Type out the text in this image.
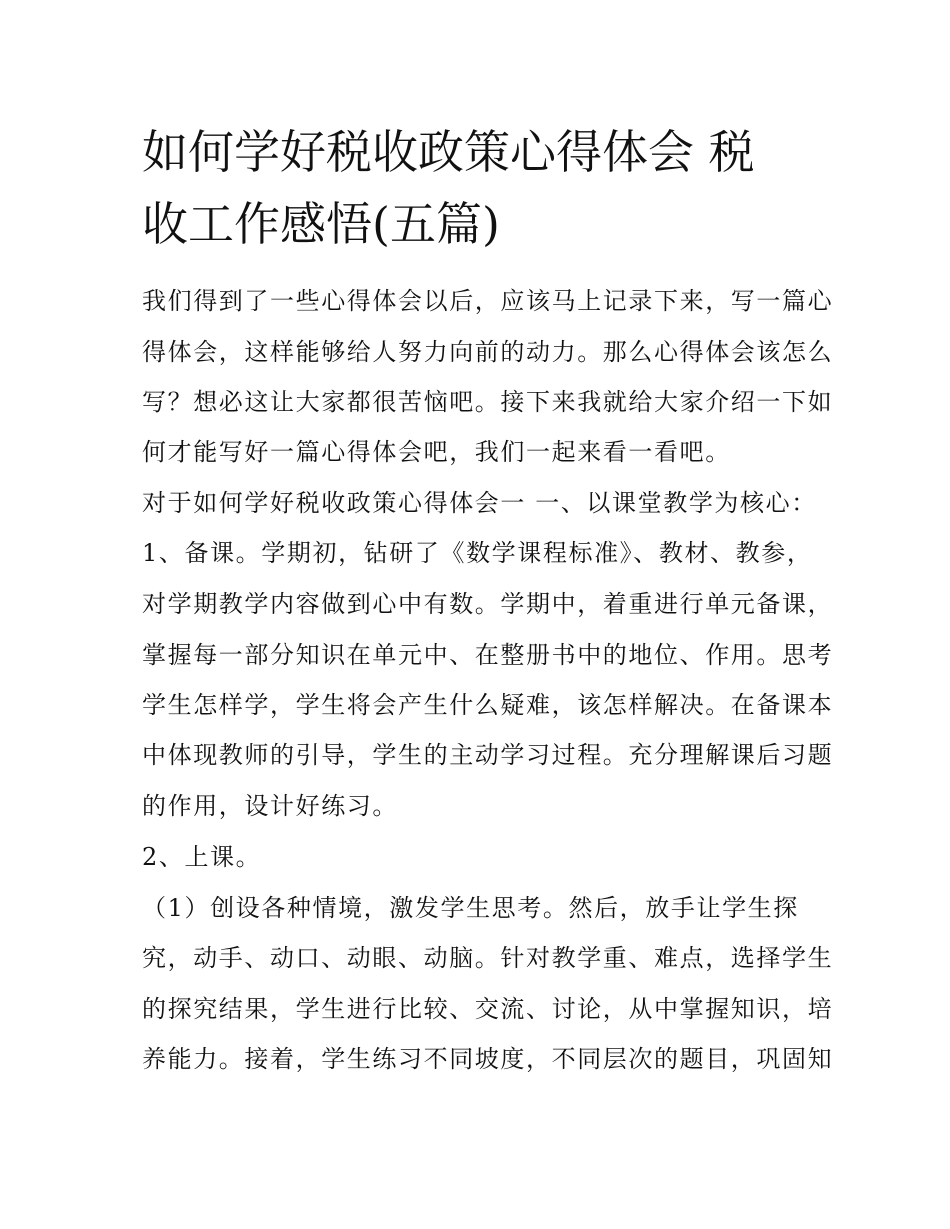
如何学好税收政策心得体会 税
收工作感悟(五篇)
我们得到了一些心得体会以后，应该马上记录下来，写一篇心
得体会，这样能够给人努力向前的动力。那么心得体会该怎么
写？想必这让大家都很苦恼吧。接下来我就给大家介绍一下如
何才能写好一篇心得体会吧，我们一起来看一看吧。
对于如何学好税收政策心得体会一 一、以课堂教学为核心：
1、备课。学期初，钻研了《数学课程标准》、教材、教参，
对学期教学内容做到心中有数。学期中，着重进行单元备课，
掌握每一部分知识在单元中、在整册书中的地位、作用。思考
学生怎样学，学生将会产生什么疑难，该怎样解决。在备课本
中体现教师的引导，学生的主动学习过程。充分理解课后习题
的作用，设计好练习。
2、上课。
（1）创设各种情境，激发学生思考。然后，放手让学生探
究，动手、动口、动眼、动脑。针对教学重、难点，选择学生
的探究结果，学生进行比较、交流、讨论，从中掌握知识，培
养能力。接着，学生练习不同坡度，不同层次的题目，巩固知
